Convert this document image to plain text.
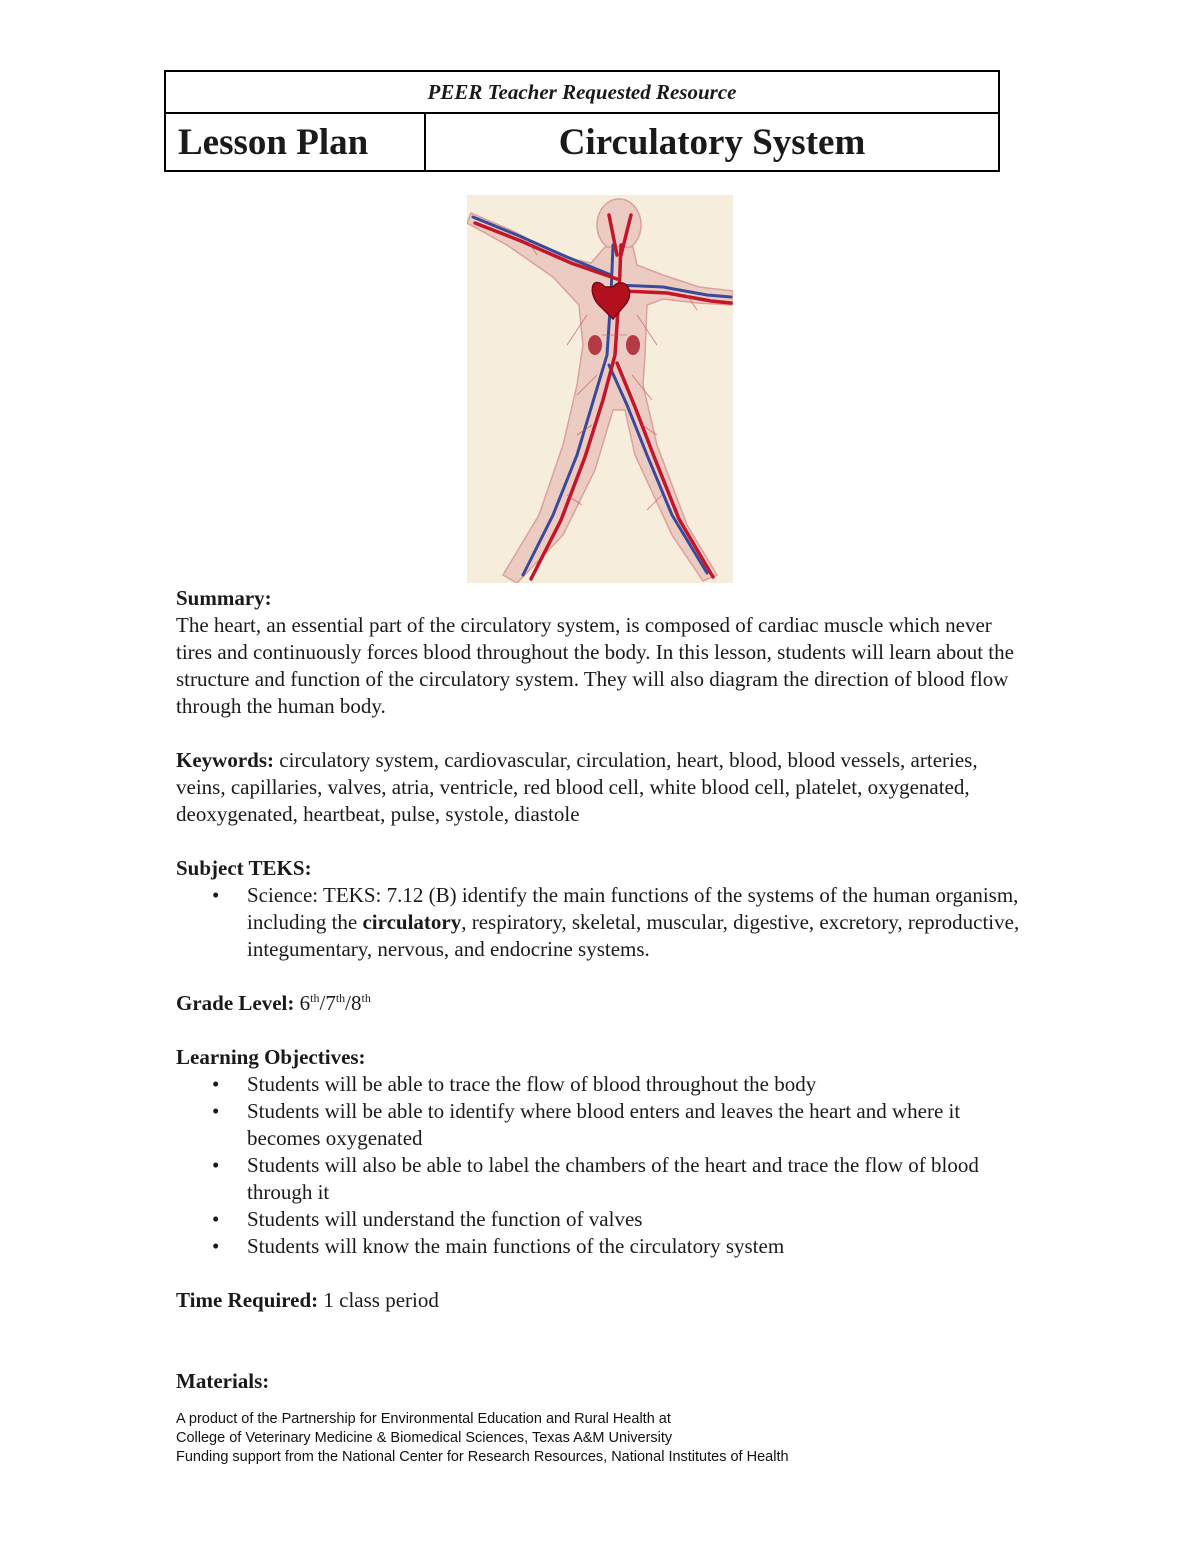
PEER Teacher Requested Resource
Lesson Plan	Circulatory System

Summary:

The heart, an essential part of the circulatory system, is composed of cardiac muscle which never tires and continuously forces blood throughout the body. In this lesson, students will learn about the structure and function of the circulatory system. They will also diagram the direction of blood flow through the human body.

Keywords: circulatory system, cardiovascular, circulation, heart, blood, blood vessels, arteries, veins, capillaries, valves, atria, ventricle, red blood cell, white blood cell, platelet, oxygenated, deoxygenated, heartbeat, pulse, systole, diastole

Subject TEKS:

• Science: TEKS: 7.12 (B) identify the main functions of the systems of the human organism, including the circulatory, respiratory, skeletal, muscular, digestive, excretory, reproductive, integumentary, nervous, and endocrine systems.

Grade Level: 6th/7th/8th

Learning Objectives:

• Students will be able to trace the flow of blood throughout the body
• Students will be able to identify where blood enters and leaves the heart and where it becomes oxygenated
• Students will also be able to label the chambers of the heart and trace the flow of blood through it
• Students will understand the function of valves
• Students will know the main functions of the circulatory system

Time Required: 1 class period

Materials:

A product of the Partnership for Environmental Education and Rural Health at
College of Veterinary Medicine & Biomedical Sciences, Texas A&M University
Funding support from the National Center for Research Resources, National Institutes of Health
